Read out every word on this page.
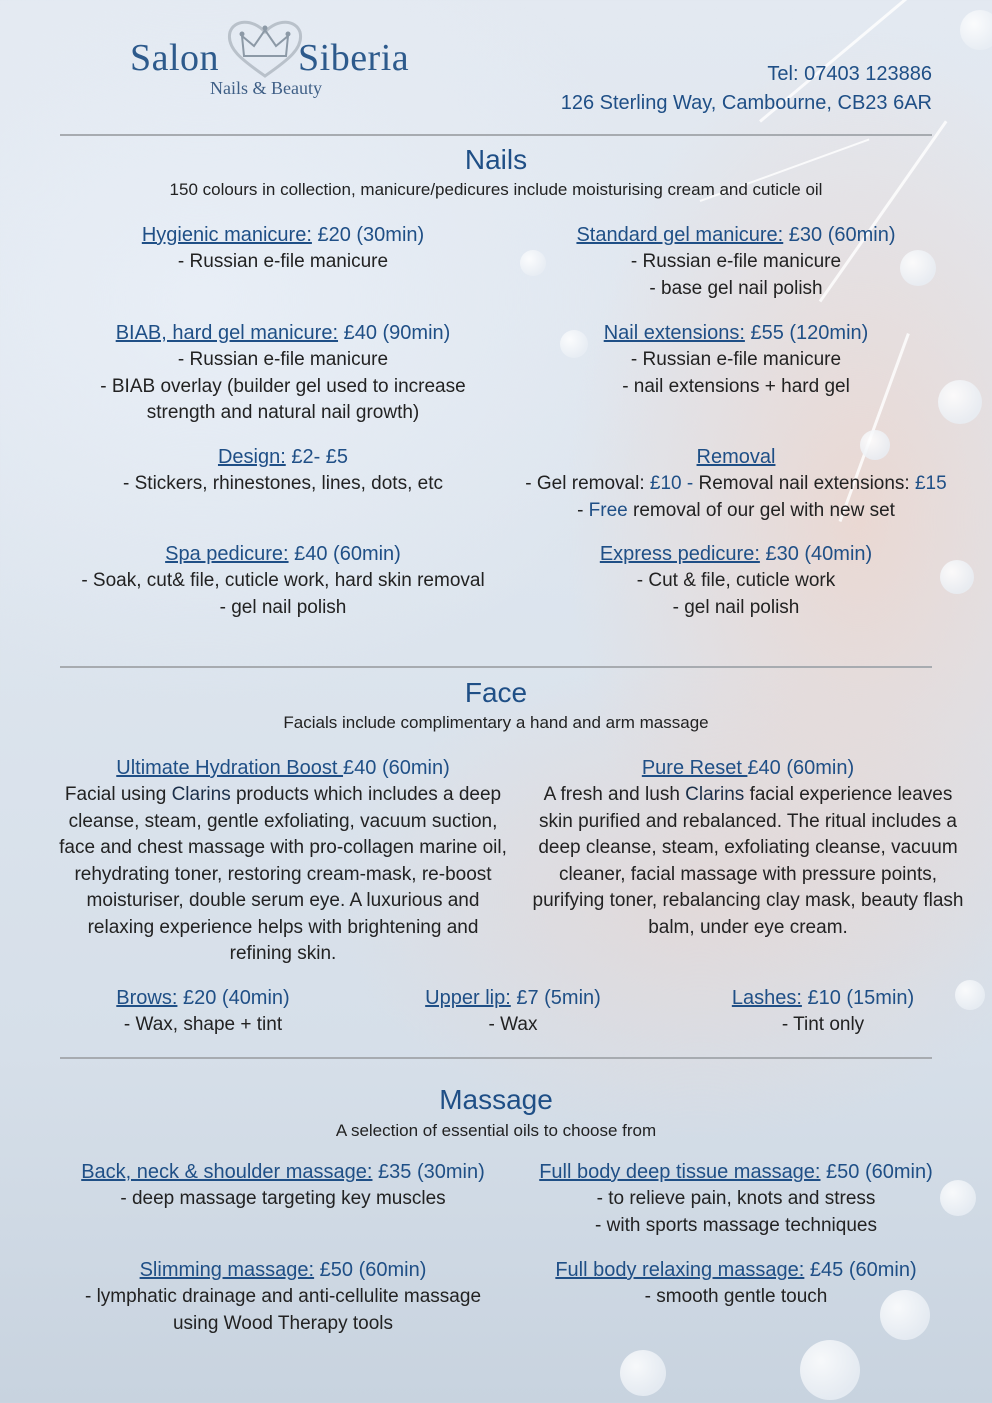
Salon Siberia
Nails & Beauty
Tel: 07403 123886
126 Sterling Way, Cambourne, CB23 6AR
Nails
150 colours in collection, manicure/pedicures include moisturising cream and cuticle oil
Hygienic manicure: £20 (30min)
- Russian e-file manicure
Standard gel manicure: £30 (60min)
- Russian e-file manicure
- base gel nail polish
BIAB, hard gel manicure: £40 (90min)
- Russian e-file manicure
- BIAB overlay (builder gel used to increase
strength and natural nail growth)
Nail extensions: £55 (120min)
- Russian e-file manicure
- nail extensions + hard gel
Design: £2- £5
- Stickers, rhinestones, lines, dots, etc
Removal
- Gel removal: £10 - Removal nail extensions: £15
- Free removal of our gel with new set
Spa pedicure: £40 (60min)
- Soak, cut& file, cuticle work, hard skin removal
- gel nail polish
Express pedicure: £30 (40min)
- Cut & file, cuticle work
- gel nail polish
Face
Facials include complimentary a hand and arm massage
Ultimate Hydration Boost £40 (60min)
Facial using Clarins products which includes a deep cleanse, steam, gentle exfoliating, vacuum suction, face and chest massage with pro-collagen marine oil, rehydrating toner, restoring cream-mask, re-boost moisturiser, double serum eye. A luxurious and relaxing experience helps with brightening and refining skin.
Pure Reset £40 (60min)
A fresh and lush Clarins facial experience leaves skin purified and rebalanced. The ritual includes a deep cleanse, steam, exfoliating cleanse, vacuum cleaner, facial massage with pressure points, purifying toner, rebalancing clay mask, beauty flash balm, under eye cream.
Brows: £20 (40min)
- Wax, shape + tint
Upper lip: £7 (5min)
- Wax
Lashes: £10 (15min)
- Tint only
Massage
A selection of essential oils to choose from
Back, neck & shoulder massage: £35 (30min)
- deep massage targeting key muscles
Full body deep tissue massage: £50 (60min)
- to relieve pain, knots and stress
- with sports massage techniques
Slimming massage: £50 (60min)
- lymphatic drainage and anti-cellulite massage
using Wood Therapy tools
Full body relaxing massage: £45 (60min)
- smooth gentle touch
